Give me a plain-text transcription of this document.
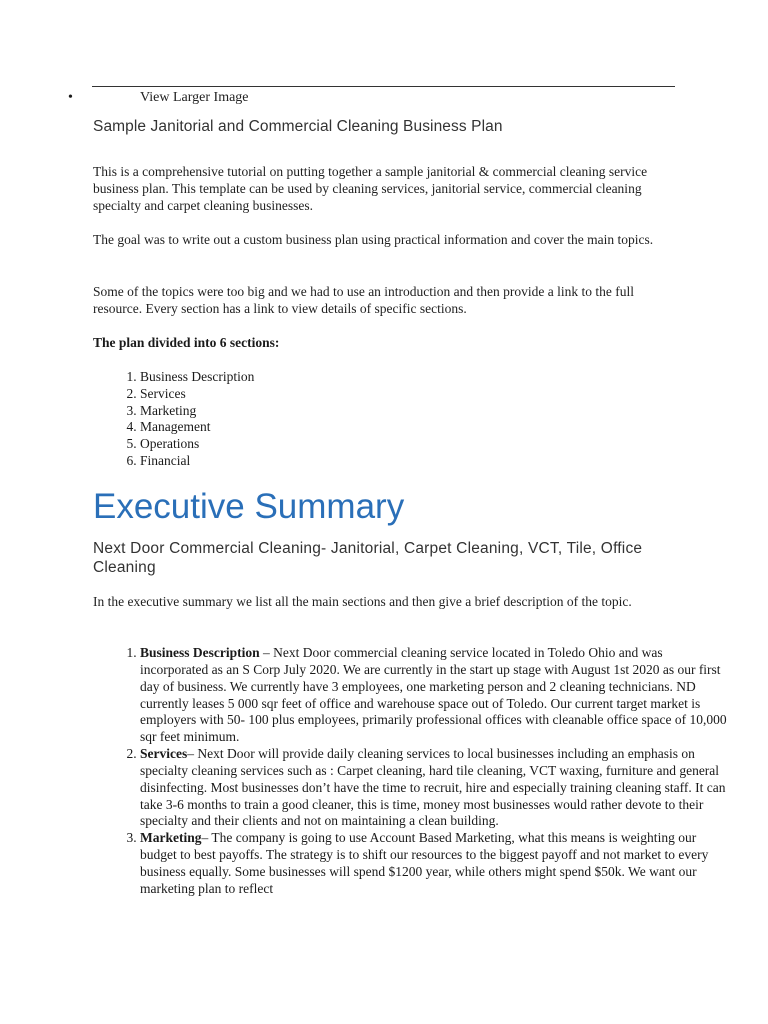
•	View Larger Image
Sample Janitorial and Commercial Cleaning Business Plan
This is a comprehensive tutorial on putting together a sample janitorial & commercial cleaning service business plan. This template can be used by cleaning services, janitorial service, commercial cleaning specialty and carpet cleaning businesses.
The goal was to write out a custom business plan using practical information and cover the main topics.
Some of the topics were too big and we had to use an introduction and then provide a link to the full resource. Every section has a link to view details of specific sections.
The plan divided into 6 sections:
1. Business Description
2. Services
3. Marketing
4. Management
5. Operations
6. Financial
Executive Summary
Next Door Commercial Cleaning- Janitorial, Carpet Cleaning, VCT, Tile, Office Cleaning
In the executive summary we list all the main sections and then give a brief description of the topic.
1. Business Description – Next Door commercial cleaning service located in Toledo Ohio and was incorporated as an S Corp July 2020. We are currently in the start up stage with August 1st 2020 as our first day of business. We currently have 3 employees, one marketing person and 2 cleaning technicians. ND currently leases 5 000 sqr feet of office and warehouse space out of Toledo. Our current target market is employers with 50- 100 plus employees, primarily professional offices with cleanable office space of 10,000 sqr feet minimum.
2. Services– Next Door will provide daily cleaning services to local businesses including an emphasis on specialty cleaning services such as : Carpet cleaning, hard tile cleaning, VCT waxing, furniture and general disinfecting. Most businesses don’t have the time to recruit, hire and especially training cleaning staff. It can take 3-6 months to train a good cleaner, this is time, money most businesses would rather devote to their specialty and their clients and not on maintaining a clean building.
3. Marketing– The company is going to use Account Based Marketing, what this means is weighting our budget to best payoffs. The strategy is to shift our resources to the biggest payoff and not market to every business equally. Some businesses will spend $1200 year, while others might spend $50k. We want our marketing plan to reflect
